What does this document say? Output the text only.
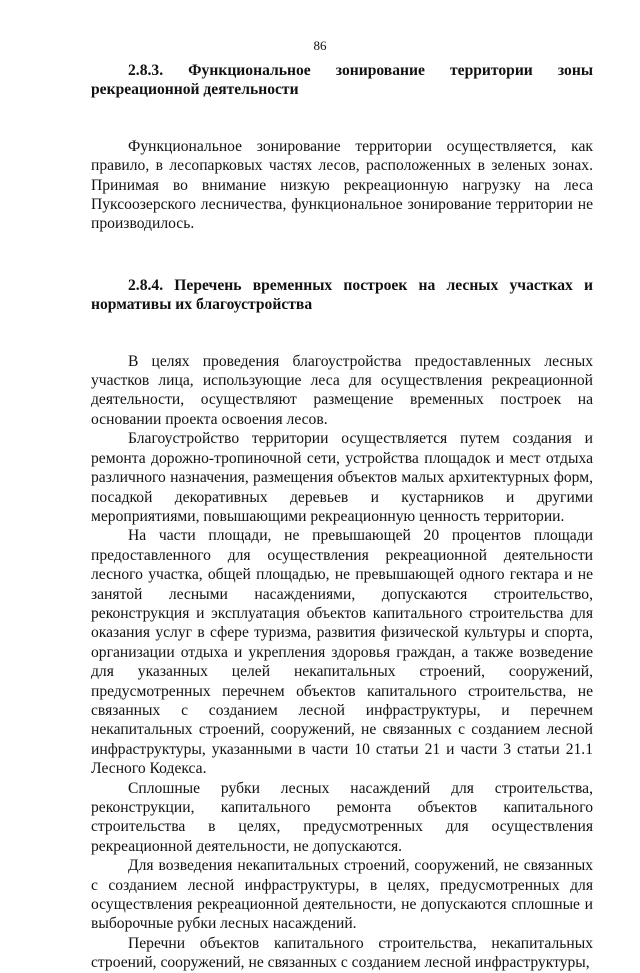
86

2.8.3. Функциональное зонирование территории зоны рекреационной деятельности

Функциональное зонирование территории осуществляется, как правило, в лесопарковых частях лесов, расположенных в зеленых зонах. Принимая во внимание низкую рекреационную нагрузку на леса Пуксоозерского лесничества, функциональное зонирование территории не производилось.

2.8.4. Перечень временных построек на лесных участках и нормативы их благоустройства

В целях проведения благоустройства предоставленных лесных участков лица, использующие леса для осуществления рекреационной деятельности, осуществляют размещение временных построек на основании проекта освоения лесов.

Благоустройство территории осуществляется путем создания и ремонта дорожно-тропиночной сети, устройства площадок и мест отдыха различного назначения, размещения объектов малых архитектурных форм, посадкой декоративных деревьев и кустарников и другими мероприятиями, повышающими рекреационную ценность территории.

На части площади, не превышающей 20 процентов площади предоставленного для осуществления рекреационной деятельности лесного участка, общей площадью, не превышающей одного гектара и не занятой лесными насаждениями, допускаются строительство, реконструкция и эксплуатация объектов капитального строительства для оказания услуг в сфере туризма, развития физической культуры и спорта, организации отдыха и укрепления здоровья граждан, а также возведение для указанных целей некапитальных строений, сооружений, предусмотренных перечнем объектов капитального строительства, не связанных с созданием лесной инфраструктуры, и перечнем некапитальных строений, сооружений, не связанных с созданием лесной инфраструктуры, указанными в части 10 статьи 21 и части 3 статьи 21.1 Лесного Кодекса.

Сплошные рубки лесных насаждений для строительства, реконструкции, капитального ремонта объектов капитального строительства в целях, предусмотренных для осуществления рекреационной деятельности, не допускаются.

Для возведения некапитальных строений, сооружений, не связанных с созданием лесной инфраструктуры, в целях, предусмотренных для осуществления рекреационной деятельности, не допускаются сплошные и выборочные рубки лесных насаждений.

Перечни объектов капитального строительства, некапитальных строений, сооружений, не связанных с созданием лесной инфраструктуры,
